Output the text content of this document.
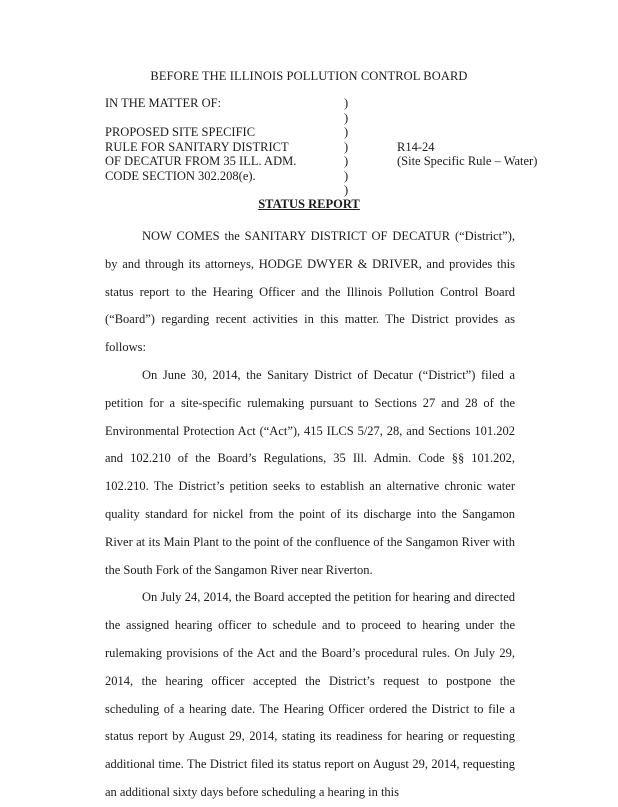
BEFORE THE ILLINOIS POLLUTION CONTROL BOARD
IN THE MATTER OF:
PROPOSED SITE SPECIFIC
RULE FOR SANITARY DISTRICT
OF DECATUR FROM 35 ILL. ADM.
CODE SECTION 302.208(e).
)
)
)
)
)
)
)
R14-24
(Site Specific Rule – Water)
STATUS REPORT

NOW COMES the SANITARY DISTRICT OF DECATUR (“District”), by and through its attorneys, HODGE DWYER & DRIVER, and provides this status report to the Hearing Officer and the Illinois Pollution Control Board (“Board”) regarding recent activities in this matter. The District provides as follows:

On June 30, 2014, the Sanitary District of Decatur (“District”) filed a petition for a site-specific rulemaking pursuant to Sections 27 and 28 of the Environmental Protection Act (“Act”), 415 ILCS 5/27, 28, and Sections 101.202 and 102.210 of the Board’s Regulations, 35 Ill. Admin. Code §§ 101.202, 102.210. The District’s petition seeks to establish an alternative chronic water quality standard for nickel from the point of its discharge into the Sangamon River at its Main Plant to the point of the confluence of the Sangamon River with the South Fork of the Sangamon River near Riverton.

On July 24, 2014, the Board accepted the petition for hearing and directed the assigned hearing officer to schedule and to proceed to hearing under the rulemaking provisions of the Act and the Board’s procedural rules. On July 29, 2014, the hearing officer accepted the District’s request to postpone the scheduling of a hearing date. The Hearing Officer ordered the District to file a status report by August 29, 2014, stating its readiness for hearing or requesting additional time. The District filed its status report on August 29, 2014, requesting an additional sixty days before scheduling a hearing in this
